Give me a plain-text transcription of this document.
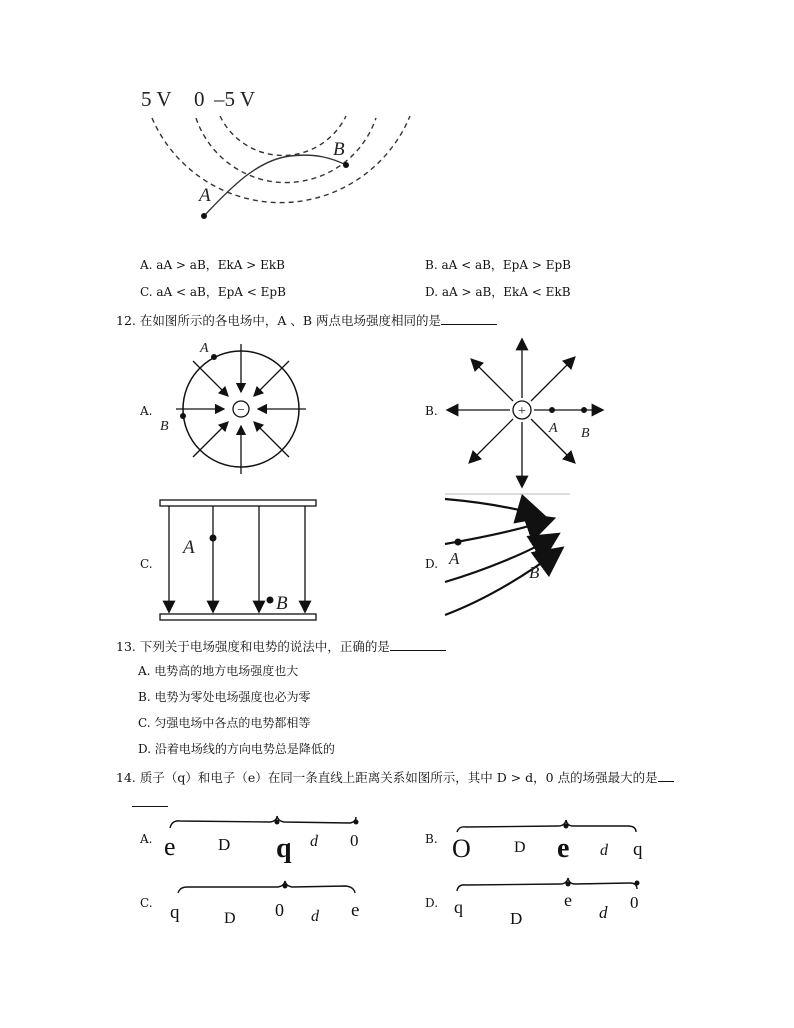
5 V 0 –5 V
A
B
A. aA > aB，EkA > EkB	B. aA < aB，EpA > EpB
C. aA < aB，EpA < EpB	D. aA > aB，EkA < EkB
12. 在如图所示的各电场中，A 、B 两点电场强度相同的是
A.	B.
C.	D.
−
A
B
+
A B
A
B
A
B
13. 下列关于电场强度和电势的说法中，正确的是
A. 电势高的地方电场强度也大
B. 电势为零处电场强度也必为零
C. 匀强电场中各点的电势都相等
D. 沿着电场线的方向电势总是降低的
14. 质子（q）和电子（e）在同一条直线上距离关系如图所示，其中 D > d，0 点的场强最大的是
A.	B.
C.	D.
e D q d 0	O	D e d q
q	D 0 d e	q
D
e
d
0
